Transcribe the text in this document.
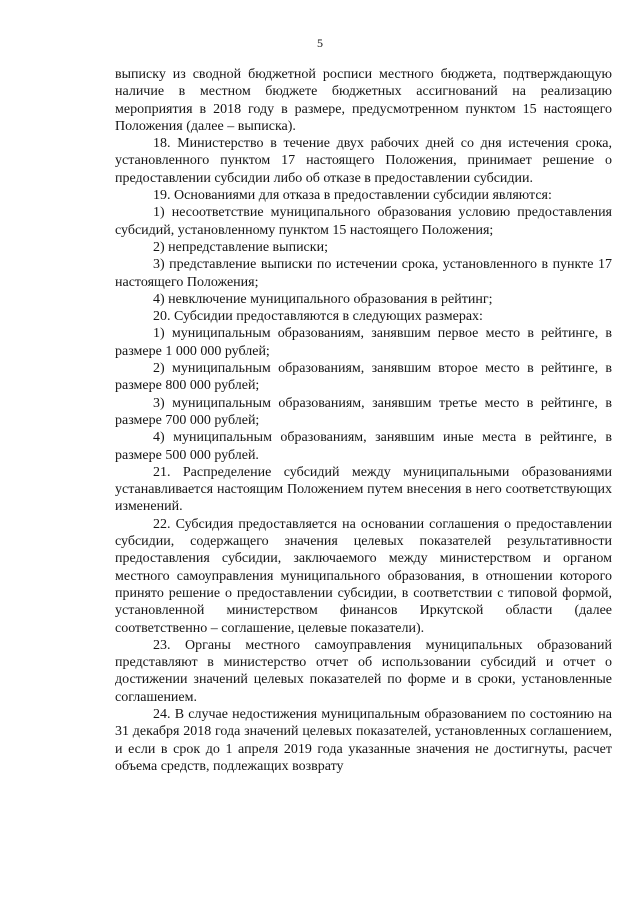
5

выписку из сводной бюджетной росписи местного бюджета, подтверждающую наличие в местном бюджете бюджетных ассигнований на реализацию мероприятия в 2018 году в размере, предусмотренном пунктом 15 настоящего Положения (далее – выписка).

18. Министерство в течение двух рабочих дней со дня истечения срока, установленного пунктом 17 настоящего Положения, принимает решение о предоставлении субсидии либо об отказе в предоставлении субсидии.

19. Основаниями для отказа в предоставлении субсидии являются:

1) несоответствие муниципального образования условию предоставления субсидий, установленному пунктом 15 настоящего Положения;

2) непредставление выписки;

3) представление выписки по истечении срока, установленного в пункте 17 настоящего Положения;

4) невключение муниципального образования в рейтинг;

20. Субсидии предоставляются в следующих размерах:

1) муниципальным образованиям, занявшим первое место в рейтинге, в размере 1 000 000 рублей;

2) муниципальным образованиям, занявшим второе место в рейтинге, в размере 800 000 рублей;

3) муниципальным образованиям, занявшим третье место в рейтинге, в размере 700 000 рублей;

4) муниципальным образованиям, занявшим иные места в рейтинге, в размере 500 000 рублей.

21. Распределение субсидий между муниципальными образованиями устанавливается настоящим Положением путем внесения в него соответствующих изменений.

22. Субсидия предоставляется на основании соглашения о предоставлении субсидии, содержащего значения целевых показателей результативности предоставления субсидии, заключаемого между министерством и органом местного самоуправления муниципального образования, в отношении которого принято решение о предоставлении субсидии, в соответствии с типовой формой, установленной министерством финансов Иркутской области (далее соответственно – соглашение, целевые показатели).

23. Органы местного самоуправления муниципальных образований представляют в министерство отчет об использовании субсидий и отчет о достижении значений целевых показателей по форме и в сроки, установленные соглашением.

24. В случае недостижения муниципальным образованием по состоянию на 31 декабря 2018 года значений целевых показателей, установленных соглашением, и если в срок до 1 апреля 2019 года указанные значения не достигнуты, расчет объема средств, подлежащих возврату
